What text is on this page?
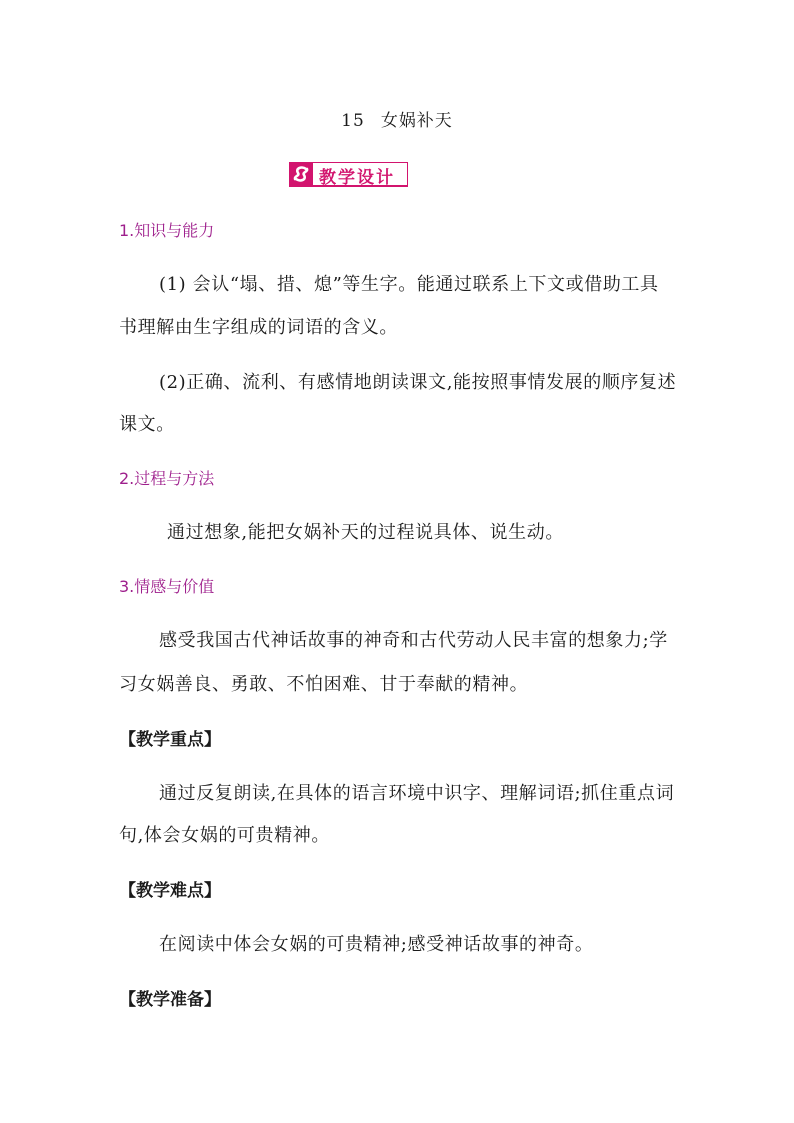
15 女娲补天
教学设计
1.知识与能力
(1) 会认“塌、措、熄”等生字。能通过联系上下文或借助工具
书理解由生字组成的词语的含义。
(2)正确、流利、有感情地朗读课文,能按照事情发展的顺序复述
课文。
2.过程与方法
通过想象,能把女娲补天的过程说具体、说生动。
3.情感与价值
感受我国古代神话故事的神奇和古代劳动人民丰富的想象力;学
习女娲善良、勇敢、不怕困难、甘于奉献的精神。
【教学重点】
通过反复朗读,在具体的语言环境中识字、理解词语;抓住重点词
句,体会女娲的可贵精神。
【教学难点】
在阅读中体会女娲的可贵精神;感受神话故事的神奇。
【教学准备】
